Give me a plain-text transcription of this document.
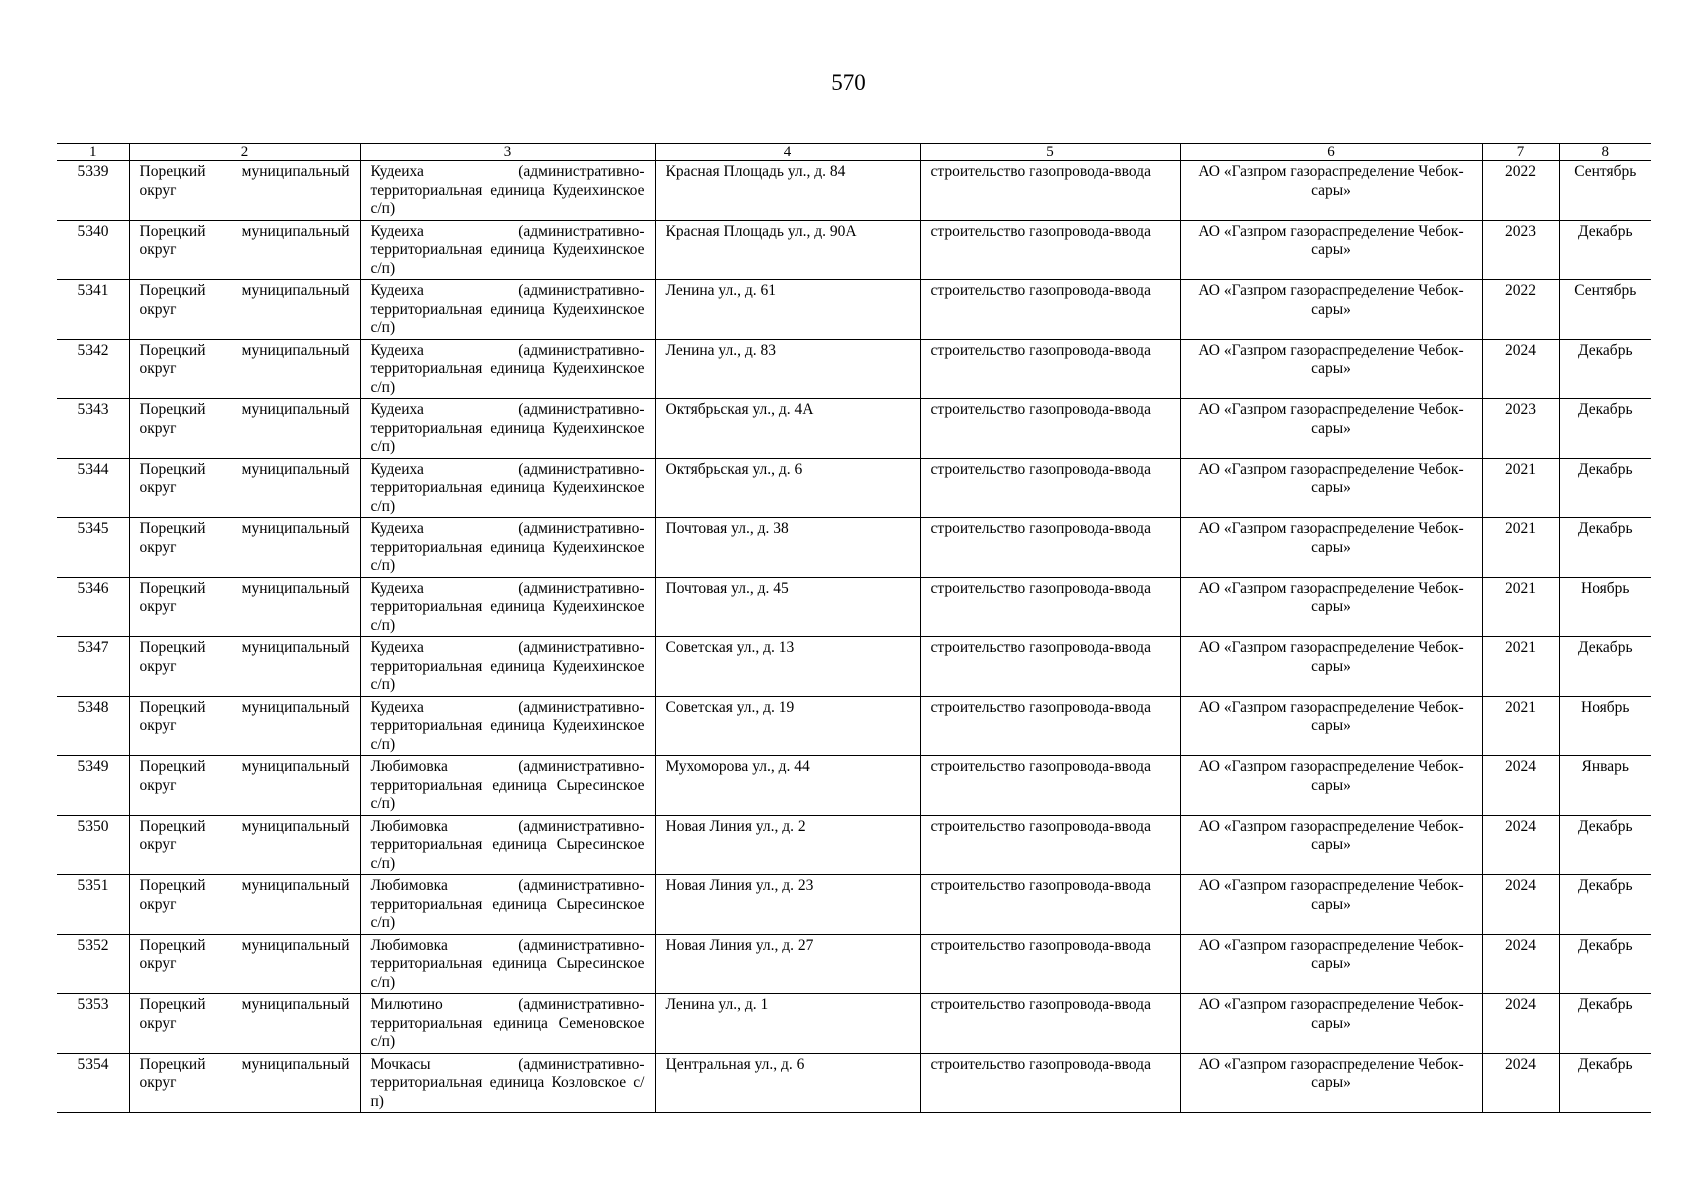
570
1	2	3	4	5	6	7	8
5339	Порецкий муниципальный округ	Кудеиха (административно-территориальная единица Кудеихинское с/п)	Красная Площадь ул., д. 84	строительство газопровода-ввода	АО «Газпром газораспределение Чебоксары»	2022	Сентябрь
5340	Порецкий муниципальный округ	Кудеиха (административно-территориальная единица Кудеихинское с/п)	Красная Площадь ул., д. 90А	строительство газопровода-ввода	АО «Газпром газораспределение Чебоксары»	2023	Декабрь
5341	Порецкий муниципальный округ	Кудеиха (административно-территориальная единица Кудеихинское с/п)	Ленина ул., д. 61	строительство газопровода-ввода	АО «Газпром газораспределение Чебоксары»	2022	Сентябрь
5342	Порецкий муниципальный округ	Кудеиха (административно-территориальная единица Кудеихинское с/п)	Ленина ул., д. 83	строительство газопровода-ввода	АО «Газпром газораспределение Чебоксары»	2024	Декабрь
5343	Порецкий муниципальный округ	Кудеиха (административно-территориальная единица Кудеихинское с/п)	Октябрьская ул., д. 4А	строительство газопровода-ввода	АО «Газпром газораспределение Чебоксары»	2023	Декабрь
5344	Порецкий муниципальный округ	Кудеиха (административно-территориальная единица Кудеихинское с/п)	Октябрьская ул., д. 6	строительство газопровода-ввода	АО «Газпром газораспределение Чебоксары»	2021	Декабрь
5345	Порецкий муниципальный округ	Кудеиха (административно-территориальная единица Кудеихинское с/п)	Почтовая ул., д. 38	строительство газопровода-ввода	АО «Газпром газораспределение Чебоксары»	2021	Декабрь
5346	Порецкий муниципальный округ	Кудеиха (административно-территориальная единица Кудеихинское с/п)	Почтовая ул., д. 45	строительство газопровода-ввода	АО «Газпром газораспределение Чебоксары»	2021	Ноябрь
5347	Порецкий муниципальный округ	Кудеиха (административно-территориальная единица Кудеихинское с/п)	Советская ул., д. 13	строительство газопровода-ввода	АО «Газпром газораспределение Чебоксары»	2021	Декабрь
5348	Порецкий муниципальный округ	Кудеиха (административно-территориальная единица Кудеихинское с/п)	Советская ул., д. 19	строительство газопровода-ввода	АО «Газпром газораспределение Чебоксары»	2021	Ноябрь
5349	Порецкий муниципальный округ	Любимовка (административно-территориальная единица Сыресинское с/п)	Мухоморова ул., д. 44	строительство газопровода-ввода	АО «Газпром газораспределение Чебоксары»	2024	Январь
5350	Порецкий муниципальный округ	Любимовка (административно-территориальная единица Сыресинское с/п)	Новая Линия ул., д. 2	строительство газопровода-ввода	АО «Газпром газораспределение Чебоксары»	2024	Декабрь
5351	Порецкий муниципальный округ	Любимовка (административно-территориальная единица Сыресинское с/п)	Новая Линия ул., д. 23	строительство газопровода-ввода	АО «Газпром газораспределение Чебоксары»	2024	Декабрь
5352	Порецкий муниципальный округ	Любимовка (административно-территориальная единица Сыресинское с/п)	Новая Линия ул., д. 27	строительство газопровода-ввода	АО «Газпром газораспределение Чебоксары»	2024	Декабрь
5353	Порецкий муниципальный округ	Милютино (административно-территориальная единица Семеновское с/п)	Ленина ул., д. 1	строительство газопровода-ввода	АО «Газпром газораспределение Чебоксары»	2024	Декабрь
5354	Порецкий муниципальный округ	Мочкасы (административно-территориальная единица Козловское с/п)	Центральная ул., д. 6	строительство газопровода-ввода	АО «Газпром газораспределение Чебоксары»	2024	Декабрь
